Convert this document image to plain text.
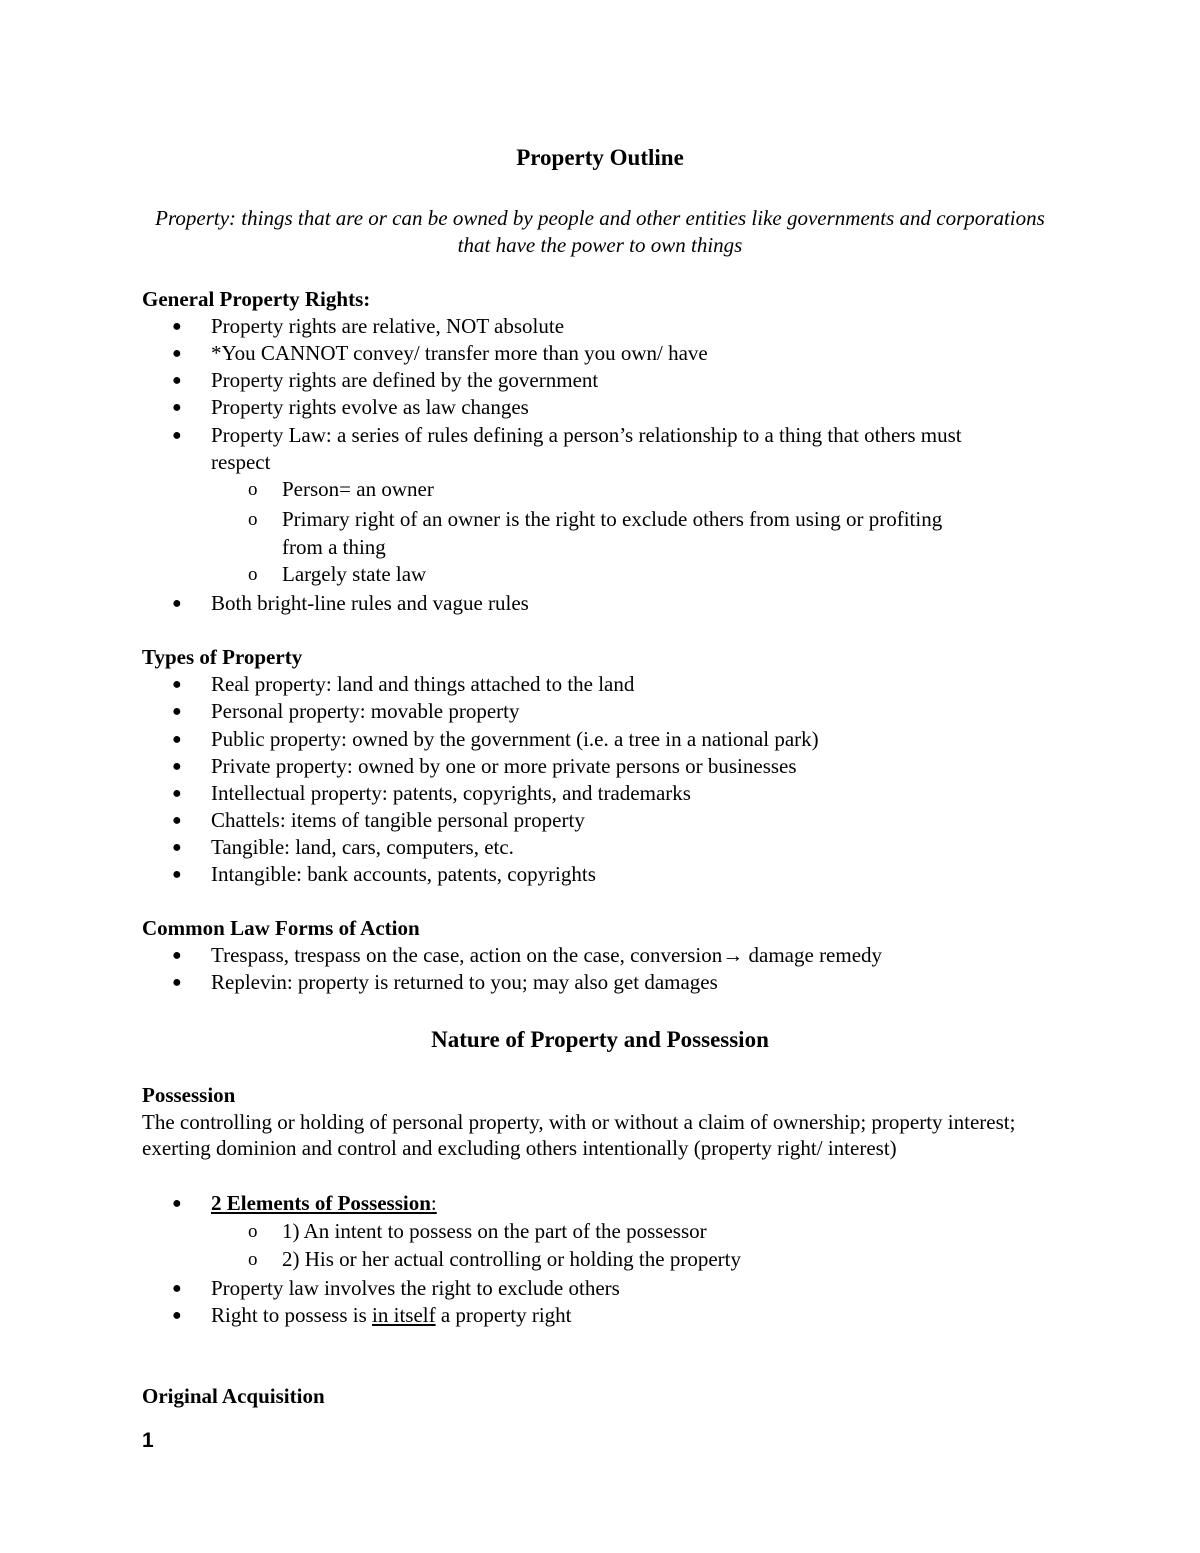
Property Outline
Property: things that are or can be owned by people and other entities like governments and corporations that have the power to own things
General Property Rights:
● Property rights are relative, NOT absolute
● *You CANNOT convey/ transfer more than you own/ have
● Property rights are defined by the government
● Property rights evolve as law changes
● Property Law: a series of rules defining a person’s relationship to a thing that others must
respect
o Person= an owner
o Primary right of an owner is the right to exclude others from using or profiting
from a thing
o Largely state law
● Both bright-line rules and vague rules
Types of Property
● Real property: land and things attached to the land
● Personal property: movable property
● Public property: owned by the government (i.e. a tree in a national park)
● Private property: owned by one or more private persons or businesses
● Intellectual property: patents, copyrights, and trademarks
● Chattels: items of tangible personal property
● Tangible: land, cars, computers, etc.
● Intangible: bank accounts, patents, copyrights
Common Law Forms of Action
● Trespass, trespass on the case, action on the case, conversion→ damage remedy
● Replevin: property is returned to you; may also get damages
Nature of Property and Possession
Possession
The controlling or holding of personal property, with or without a claim of ownership; property interest; exerting dominion and control and excluding others intentionally (property right/ interest)
● 2 Elements of Possession:
o 1) An intent to possess on the part of the possessor
o 2) His or her actual controlling or holding the property
● Property law involves the right to exclude others
● Right to possess is in itself a property right
Original Acquisition
1
